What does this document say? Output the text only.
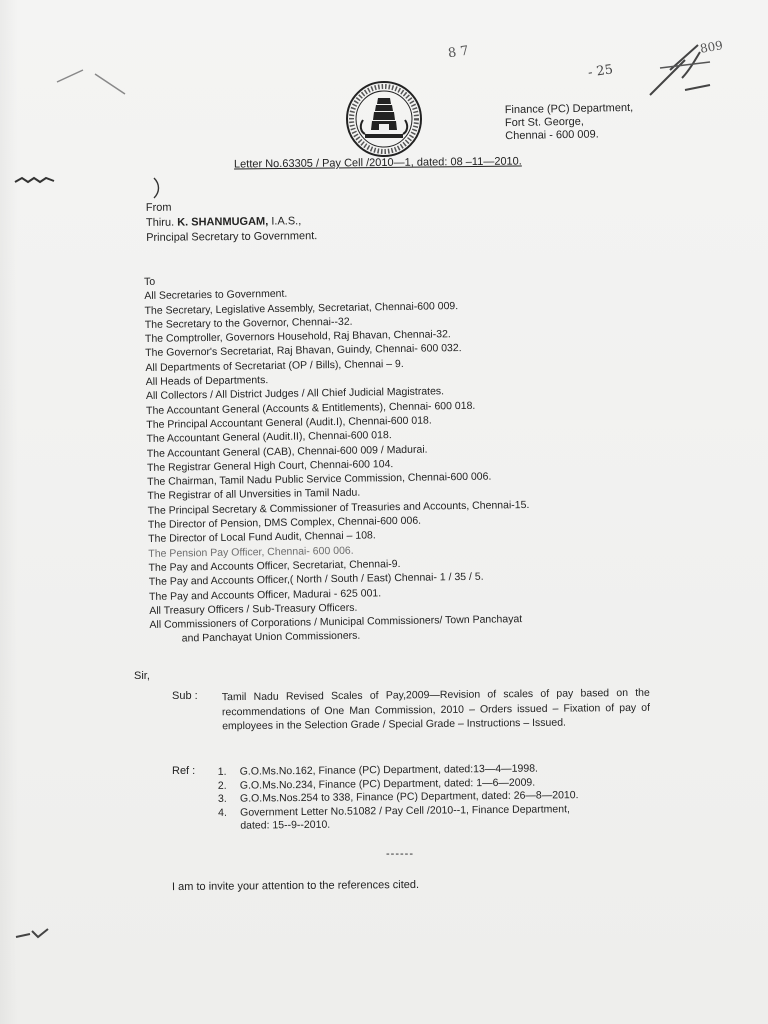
8 7
- 25
809
Finance (PC) Department,
Fort St. George,
Chennai - 600 009.
Letter No.63305 / Pay Cell /2010—1, dated: 08 –11—2010.
From
Thiru. K. SHANMUGAM, I.A.S.,
Principal Secretary to Government.
To
All Secretaries to Government.
The Secretary, Legislative Assembly, Secretariat, Chennai-600 009.
The Secretary to the Governor, Chennai--32.
The Comptroller, Governors Household, Raj Bhavan, Chennai-32.
The Governor's Secretariat, Raj Bhavan, Guindy, Chennai- 600 032.
All Departments of Secretariat (OP / Bills), Chennai – 9.
All Heads of Departments.
All Collectors / All District Judges / All Chief Judicial Magistrates.
The Accountant General (Accounts & Entitlements), Chennai- 600 018.
The Principal Accountant General (Audit.I), Chennai-600 018.
The Accountant General (Audit.II), Chennai-600 018.
The Accountant General (CAB), Chennai-600 009 / Madurai.
The Registrar General High Court, Chennai-600 104.
The Chairman, Tamil Nadu Public Service Commission, Chennai-600 006.
The Registrar of all Unversities in Tamil Nadu.
The Principal Secretary & Commissioner of Treasuries and Accounts, Chennai-15.
The Director of Pension, DMS Complex, Chennai-600 006.
The Director of Local Fund Audit, Chennai – 108.
The Pension Pay Officer, Chennai- 600 006.
The Pay and Accounts Officer, Secretariat, Chennai-9.
The Pay and Accounts Officer,( North / South / East) Chennai- 1 / 35 / 5.
The Pay and Accounts Officer, Madurai - 625 001.
All Treasury Officers / Sub-Treasury Officers.
All Commissioners of Corporations / Municipal Commissioners/ Town Panchayat
and Panchayat Union Commissioners.
Sir,
Sub : Tamil Nadu Revised Scales of Pay,2009—Revision of scales of pay based on the recommendations of One Man Commission, 2010 – Orders issued – Fixation of pay of employees in the Selection Grade / Special Grade – Instructions – Issued.
Ref : 1.	G.O.Ms.No.162, Finance (PC) Department, dated:13—4—1998.
2.	G.O.Ms.No.234, Finance (PC) Department, dated: 1—6—2009.
3.	G.O.Ms.Nos.254 to 338, Finance (PC) Department, dated: 26—8—2010.
4.	Government Letter No.51082 / Pay Cell /2010--1, Finance Department,
dated: 15--9--2010.
------
I am to invite your attention to the references cited.
